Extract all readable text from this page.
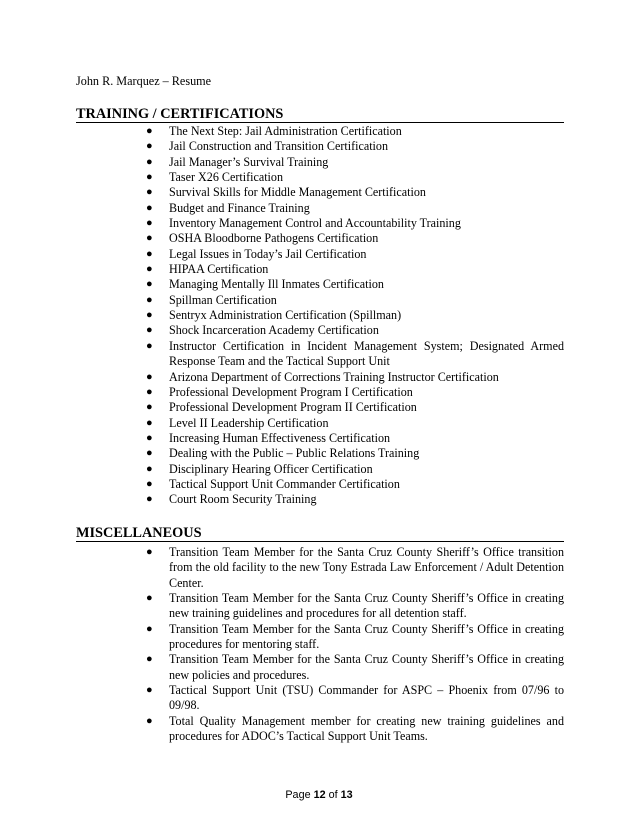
John R. Marquez – Resume
TRAINING / CERTIFICATIONS
● The Next Step: Jail Administration Certification
● Jail Construction and Transition Certification
● Jail Manager’s Survival Training
● Taser X26 Certification
● Survival Skills for Middle Management Certification
● Budget and Finance Training
● Inventory Management Control and Accountability Training
● OSHA Bloodborne Pathogens Certification
● Legal Issues in Today’s Jail Certification
● HIPAA Certification
● Managing Mentally Ill Inmates Certification
● Spillman Certification
● Sentryx Administration Certification (Spillman)
● Shock Incarceration Academy Certification
● Instructor Certification in Incident Management System; Designated Armed Response Team and the Tactical Support Unit
● Arizona Department of Corrections Training Instructor Certification
● Professional Development Program I Certification
● Professional Development Program II Certification
● Level II Leadership Certification
● Increasing Human Effectiveness Certification
● Dealing with the Public – Public Relations Training
● Disciplinary Hearing Officer Certification
● Tactical Support Unit Commander Certification
● Court Room Security Training
MISCELLANEOUS
● Transition Team Member for the Santa Cruz County Sheriff’s Office transition from the old facility to the new Tony Estrada Law Enforcement / Adult Detention Center.
● Transition Team Member for the Santa Cruz County Sheriff’s Office in creating new training guidelines and procedures for all detention staff.
● Transition Team Member for the Santa Cruz County Sheriff’s Office in creating procedures for mentoring staff.
● Transition Team Member for the Santa Cruz County Sheriff’s Office in creating new policies and procedures.
● Tactical Support Unit (TSU) Commander for ASPC – Phoenix from 07/96 to 09/98.
● Total Quality Management member for creating new training guidelines and procedures for ADOC’s Tactical Support Unit Teams.
Page 12 of 13
